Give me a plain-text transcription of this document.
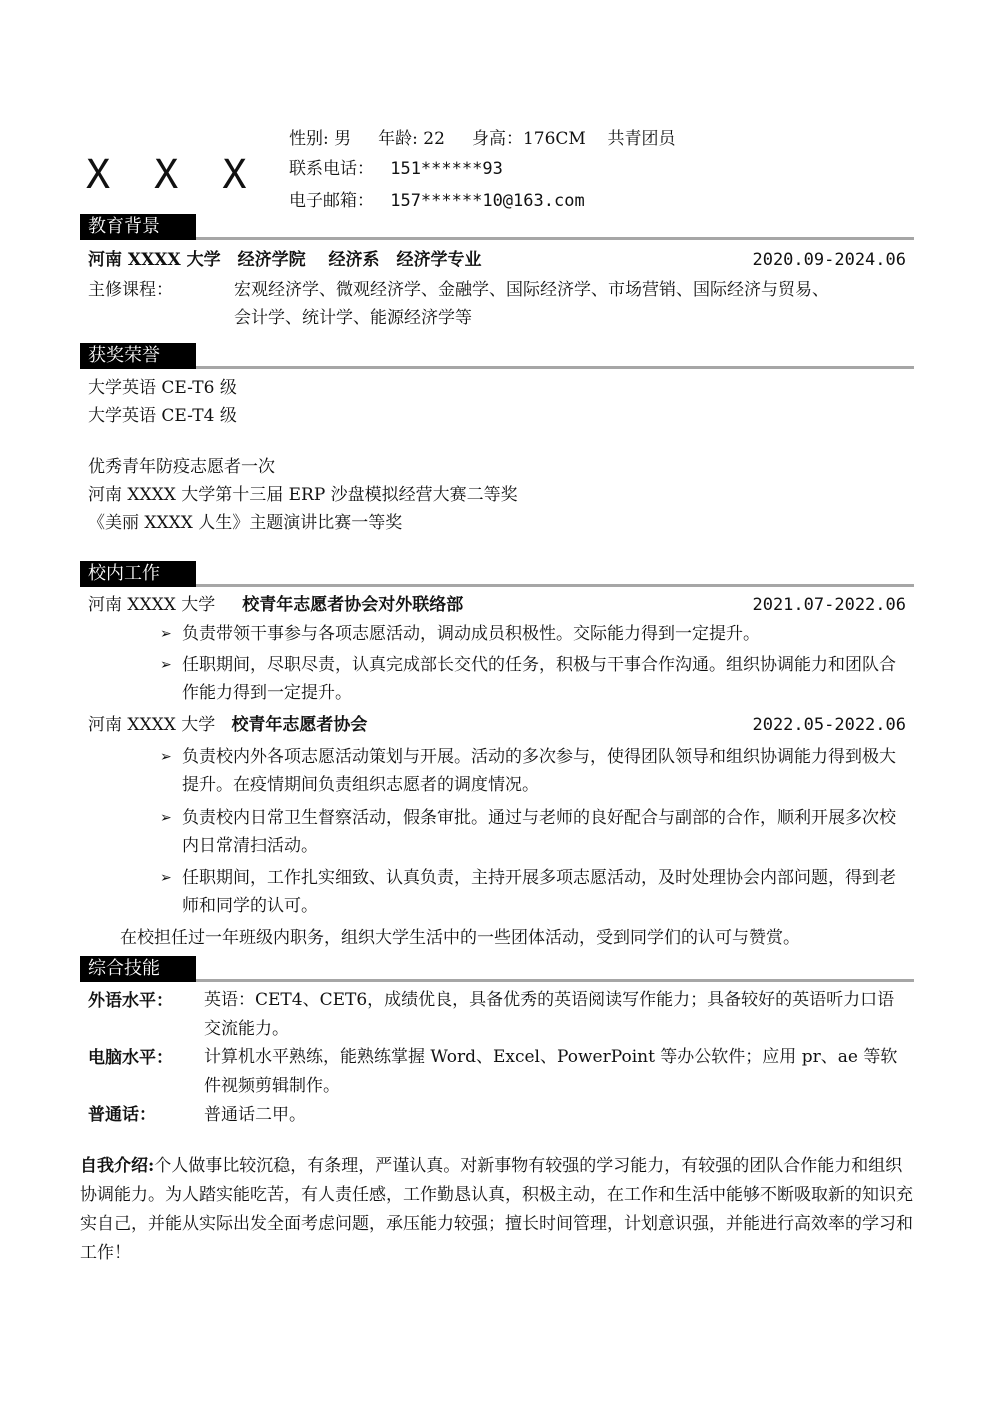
X X X
性别: 男 年龄: 22 身高：176CM 共青团员
联系电话： 151******93
电子邮箱： 157******10@163.com
教育背景
河南 XXXX 大学　经济学院　 经济系　经济学专业	2020.09-2024.06
主修课程：	宏观经济学、微观经济学、金融学、国际经济学、市场营销、国际经济与贸易、
会计学、统计学、能源经济学等
获奖荣誉
大学英语 CE-T6 级
大学英语 CE-T4 级
优秀青年防疫志愿者一次
河南 XXXX 大学第十三届 ERP 沙盘模拟经营大赛二等奖
《美丽 XXXX 人生》主题演讲比赛一等奖
校内工作
河南 XXXX 大学 校青年志愿者协会对外联络部	2021.07-2022.06
➢ 负责带领干事参与各项志愿活动，调动成员积极性。交际能力得到一定提升。
➢ 任职期间，尽职尽责，认真完成部长交代的任务，积极与干事合作沟通。组织协调能力和团队合作能力得到一定提升。
河南 XXXX 大学 校青年志愿者协会	2022.05-2022.06
➢ 负责校内外各项志愿活动策划与开展。活动的多次参与，使得团队领导和组织协调能力得到极大提升。在疫情期间负责组织志愿者的调度情况。
➢ 负责校内日常卫生督察活动，假条审批。通过与老师的良好配合与副部的合作，顺利开展多次校内日常清扫活动。
➢ 任职期间，工作扎实细致、认真负责，主持开展多项志愿活动，及时处理协会内部问题，得到老师和同学的认可。
在校担任过一年班级内职务，组织大学生活中的一些团体活动，受到同学们的认可与赞赏。
综合技能
外语水平： 英语：CET4、CET6，成绩优良，具备优秀的英语阅读写作能力；具备较好的英语听力口语交流能力。
电脑水平： 计算机水平熟练，能熟练掌握 Word、Excel、PowerPoint 等办公软件；应用 pr、ae 等软件视频剪辑制作。
普通话：	普通话二甲。
自我介绍:个人做事比较沉稳，有条理，严谨认真。对新事物有较强的学习能力，有较强的团队合作能力和组织协调能力。为人踏实能吃苦，有人责任感，工作勤恳认真，积极主动，在工作和生活中能够不断吸取新的知识充实自己，并能从实际出发全面考虑问题，承压能力较强；擅长时间管理，计划意识强，并能进行高效率的学习和工作！
